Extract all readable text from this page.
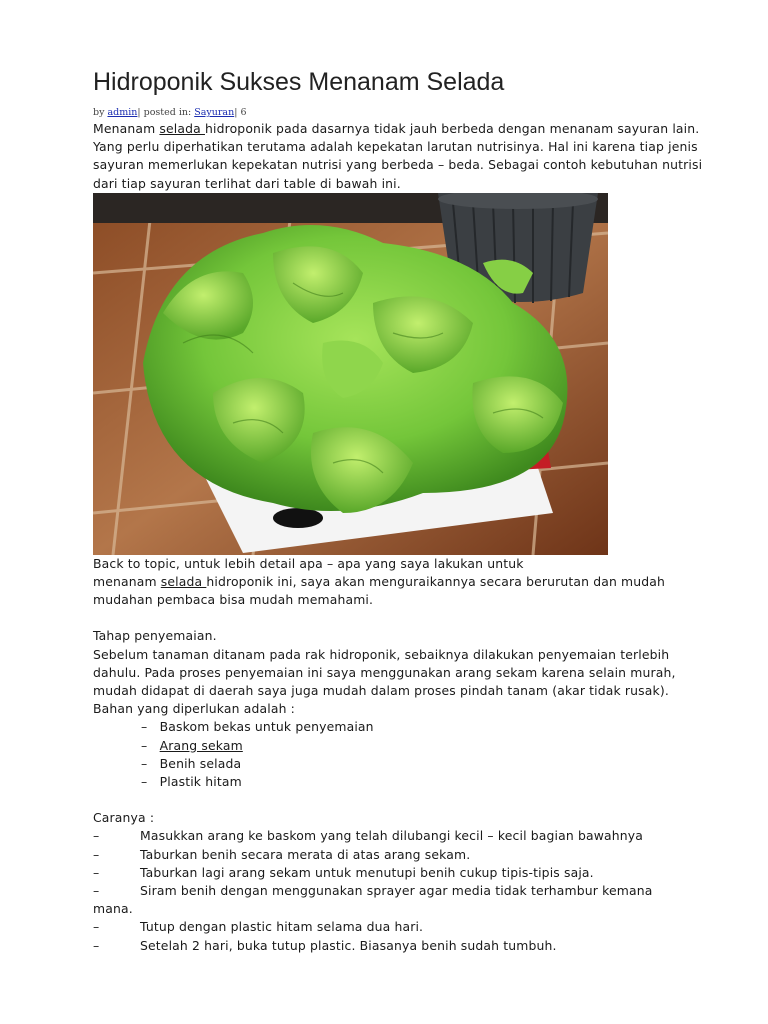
Hidroponik Sukses Menanam Selada
by admin| posted in: Sayuran| 6

Menanam selada hidroponik pada dasarnya tidak jauh berbeda dengan menanam sayuran lain. Yang perlu diperhatikan terutama adalah kepekatan larutan nutrisinya. Hal ini karena tiap jenis sayuran memerlukan kepekatan nutrisi yang berbeda – beda. Sebagai contoh kebutuhan nutrisi dari tiap sayuran terlihat dari table di bawah ini.

Back to topic, untuk lebih detail apa – apa yang saya lakukan untuk

menanam selada hidroponik ini, saya akan menguraikannya secara berurutan dan mudah mudahan pembaca bisa mudah memahami.

Tahap penyemaian.

Sebelum tanaman ditanam pada rak hidroponik, sebaiknya dilakukan penyemaian terlebih dahulu. Pada proses penyemaian ini saya menggunakan arang sekam karena selain murah, mudah didapat di daerah saya juga mudah dalam proses pindah tanam (akar tidak rusak).

Bahan yang diperlukan adalah :

– Baskom bekas untuk penyemaian
– Arang sekam
– Benih selada
– Plastik hitam

Caranya :

–	Masukkan arang ke baskom yang telah dilubangi kecil – kecil bagian bawahnya
–	Taburkan benih secara merata di atas arang sekam.
–	Taburkan lagi arang sekam untuk menutupi benih cukup tipis-tipis saja.
–	Siram benih dengan menggunakan sprayer agar media tidak terhambur kemana
mana.
–	Tutup dengan plastic hitam selama dua hari.
–	Setelah 2 hari, buka tutup plastic. Biasanya benih sudah tumbuh.
